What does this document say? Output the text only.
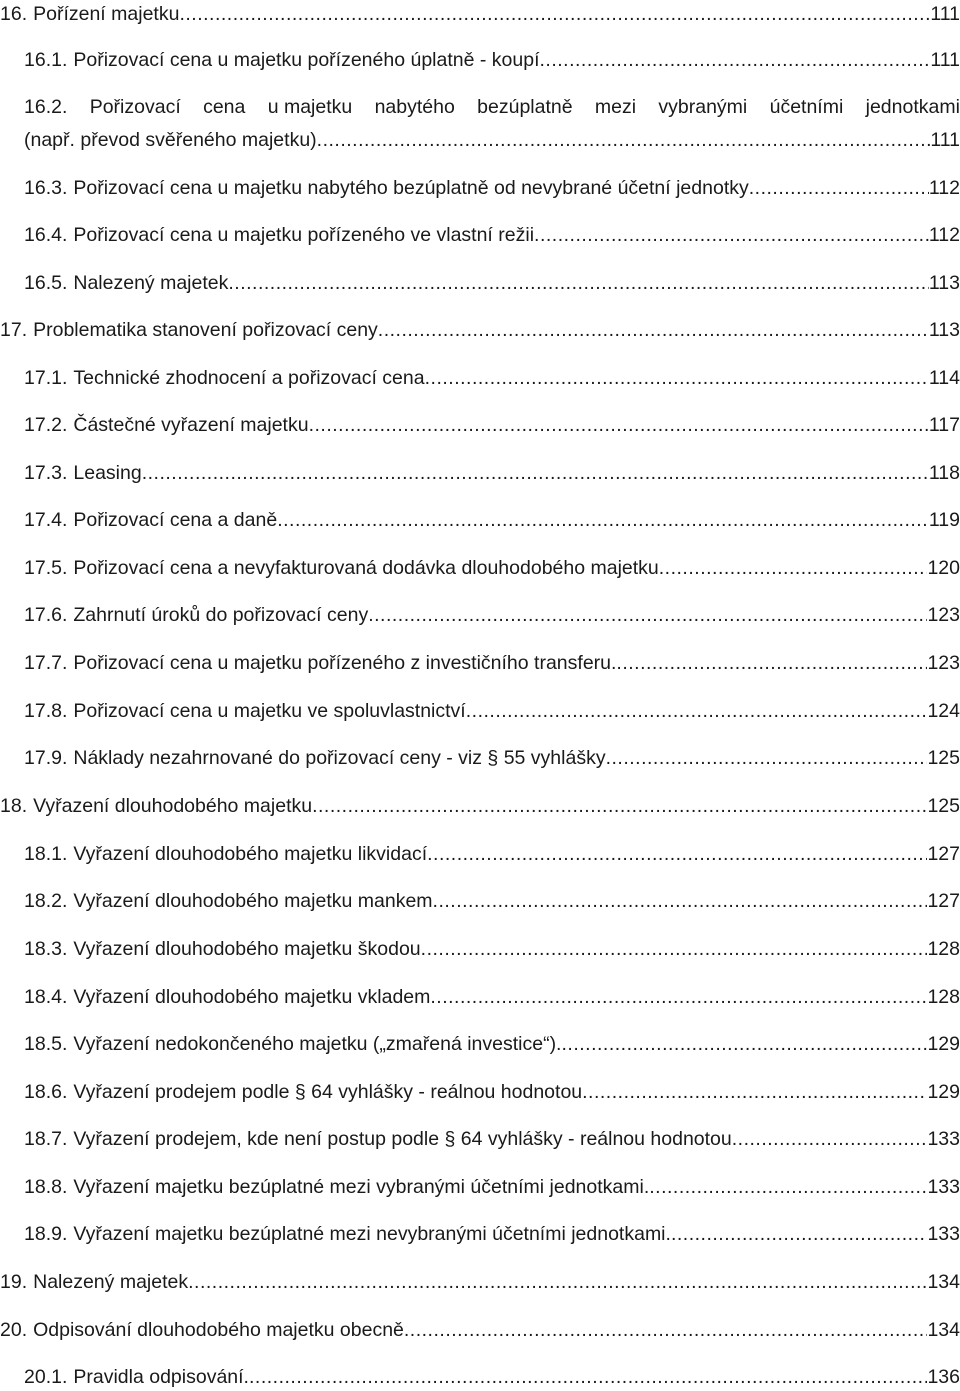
16. Pořízení majetku .....	111
16.1. Pořizovací cena u majetku pořízeného úplatně - koupí .....	111
16.2. Pořizovací cena u majetku nabytého bezúplatně mezi vybranými účetními jednotkami
(např. převod svěřeného majetku) .....	111
16.3. Pořizovací cena u majetku nabytého bezúplatně od nevybrané účetní jednotky .....	112
16.4. Pořizovací cena u majetku pořízeného ve vlastní režii .....	112
16.5. Nalezený majetek .....	113
17. Problematika stanovení pořizovací ceny .....	113
17.1. Technické zhodnocení a pořizovací cena .....	114
17.2. Částečné vyřazení majetku .....	117
17.3. Leasing .....	118
17.4. Pořizovací cena a daně .....	119
17.5. Pořizovací cena a nevyfakturovaná dodávka dlouhodobého majetku .....	120
17.6. Zahrnutí úroků do pořizovací ceny .....	123
17.7. Pořizovací cena u majetku pořízeného z investičního transferu. .....	123
17.8. Pořizovací cena u majetku ve spoluvlastnictví .....	124
17.9. Náklady nezahrnované do pořizovací ceny - viz § 55 vyhlášky .....	125
18. Vyřazení dlouhodobého majetku .....	125
18.1. Vyřazení dlouhodobého majetku likvidací .....	127
18.2. Vyřazení dlouhodobého majetku mankem .....	127
18.3. Vyřazení dlouhodobého majetku škodou .....	128
18.4. Vyřazení dlouhodobého majetku vkladem .....	128
18.5. Vyřazení nedokončeného majetku („zmařená investice“). .....	129
18.6. Vyřazení prodejem podle § 64 vyhlášky - reálnou hodnotou .....	129
18.7. Vyřazení prodejem, kde není postup podle § 64 vyhlášky - reálnou hodnotou .....	133
18.8. Vyřazení majetku bezúplatné mezi vybranými účetními jednotkami. .....	133
18.9. Vyřazení majetku bezúplatné mezi nevybranými účetními jednotkami. .....	133
19. Nalezený majetek .....	134
20. Odpisování dlouhodobého majetku obecně .....	134
20.1. Pravidla odpisování. .....	136
